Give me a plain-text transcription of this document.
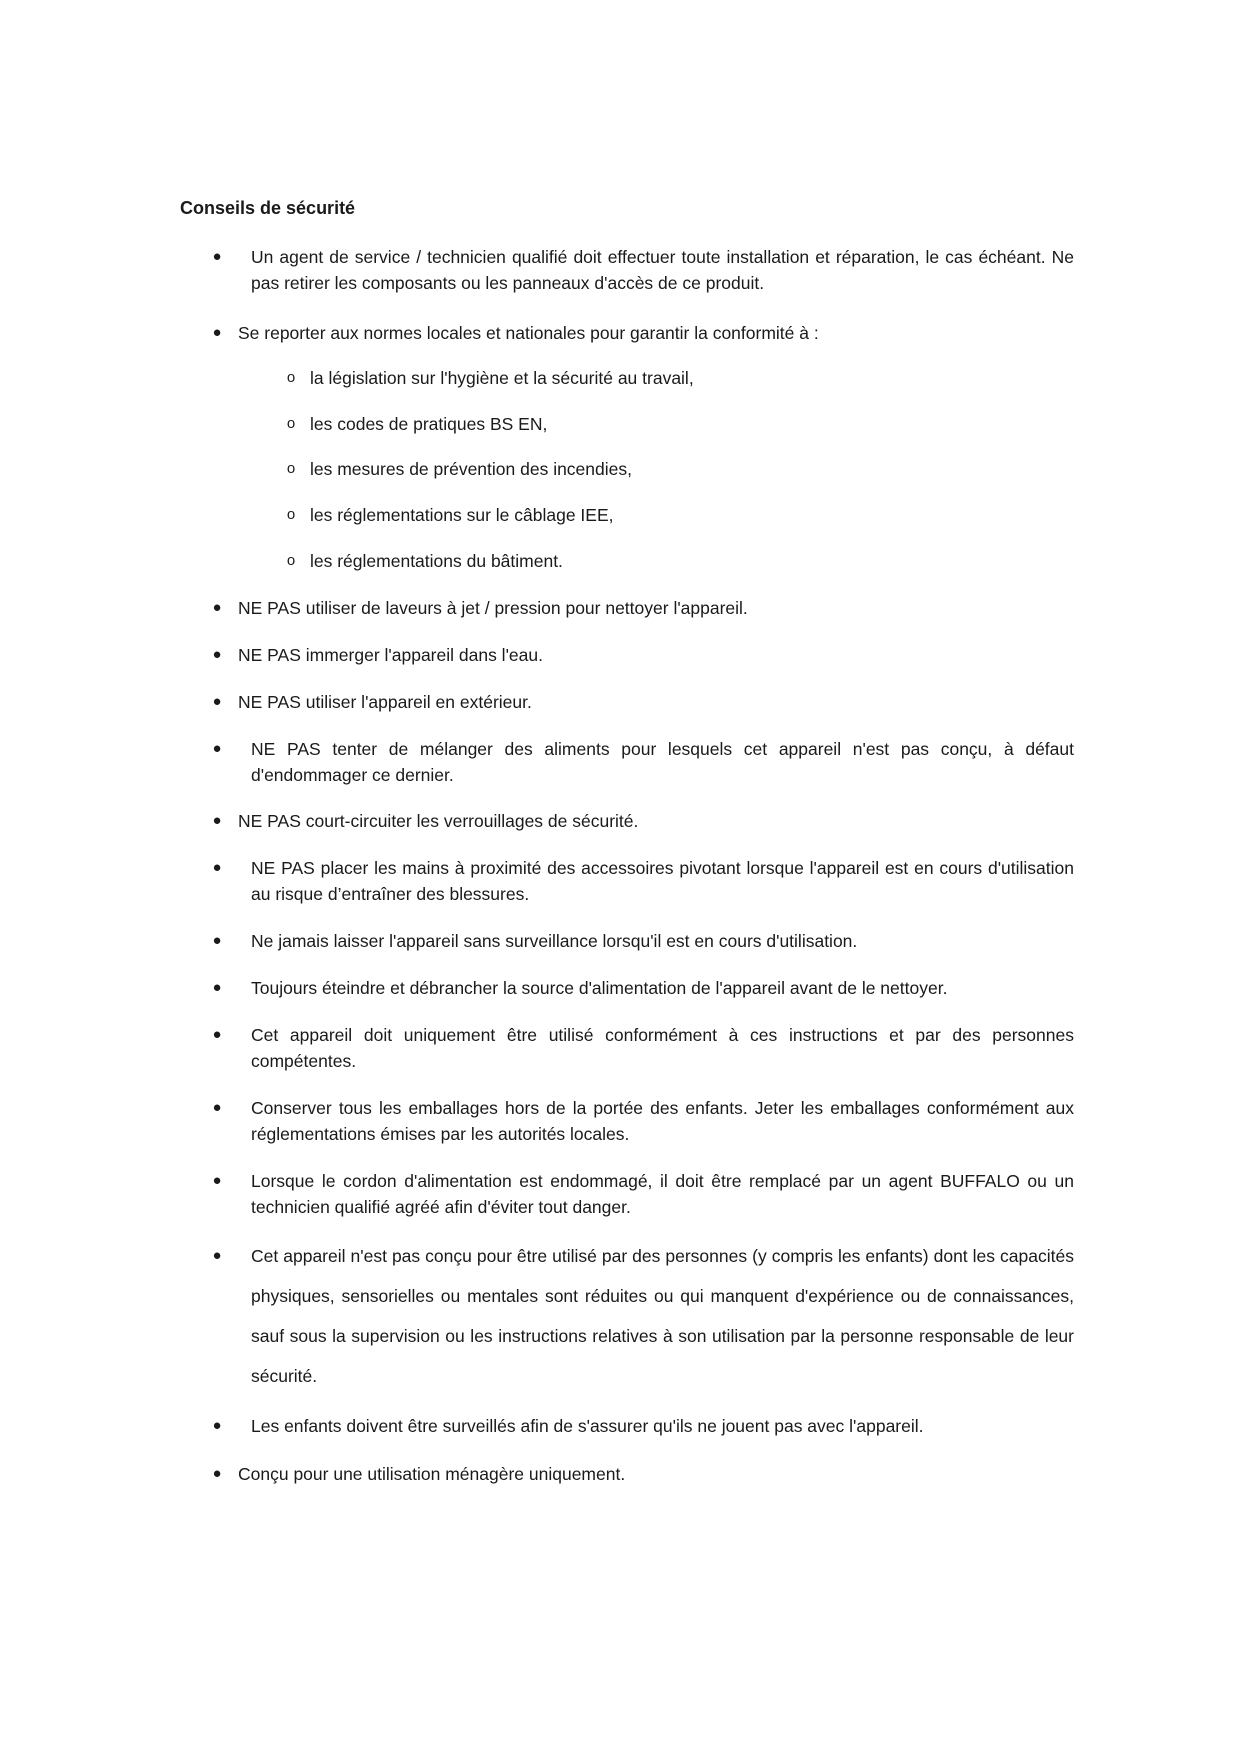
Conseils de sécurité
● Un agent de service / technicien qualifié doit effectuer toute installation et réparation, le cas échéant. Ne pas retirer les composants ou les panneaux d'accès de ce produit.
● Se reporter aux normes locales et nationales pour garantir la conformité à :
o la législation sur l'hygiène et la sécurité au travail,
o les codes de pratiques BS EN,
o les mesures de prévention des incendies,
o les réglementations sur le câblage IEE,
o les réglementations du bâtiment.
● NE PAS utiliser de laveurs à jet / pression pour nettoyer l'appareil.
● NE PAS immerger l'appareil dans l'eau.
● NE PAS utiliser l'appareil en extérieur.
● NE PAS tenter de mélanger des aliments pour lesquels cet appareil n'est pas conçu, à défaut d'endommager ce dernier.
● NE PAS court-circuiter les verrouillages de sécurité.
● NE PAS placer les mains à proximité des accessoires pivotant lorsque l'appareil est en cours d'utilisation au risque d’entraîner des blessures.
● Ne jamais laisser l'appareil sans surveillance lorsqu'il est en cours d'utilisation.
● Toujours éteindre et débrancher la source d'alimentation de l'appareil avant de le nettoyer.
● Cet appareil doit uniquement être utilisé conformément à ces instructions et par des personnes compétentes.
● Conserver tous les emballages hors de la portée des enfants. Jeter les emballages conformément aux réglementations émises par les autorités locales.
● Lorsque le cordon d'alimentation est endommagé, il doit être remplacé par un agent BUFFALO ou un technicien qualifié agréé afin d'éviter tout danger.
● Cet appareil n'est pas conçu pour être utilisé par des personnes (y compris les enfants) dont les capacités physiques, sensorielles ou mentales sont réduites ou qui manquent d'expérience ou de connaissances, sauf sous la supervision ou les instructions relatives à son utilisation par la personne responsable de leur sécurité.
● Les enfants doivent être surveillés afin de s'assurer qu'ils ne jouent pas avec l'appareil.
● Conçu pour une utilisation ménagère uniquement.
